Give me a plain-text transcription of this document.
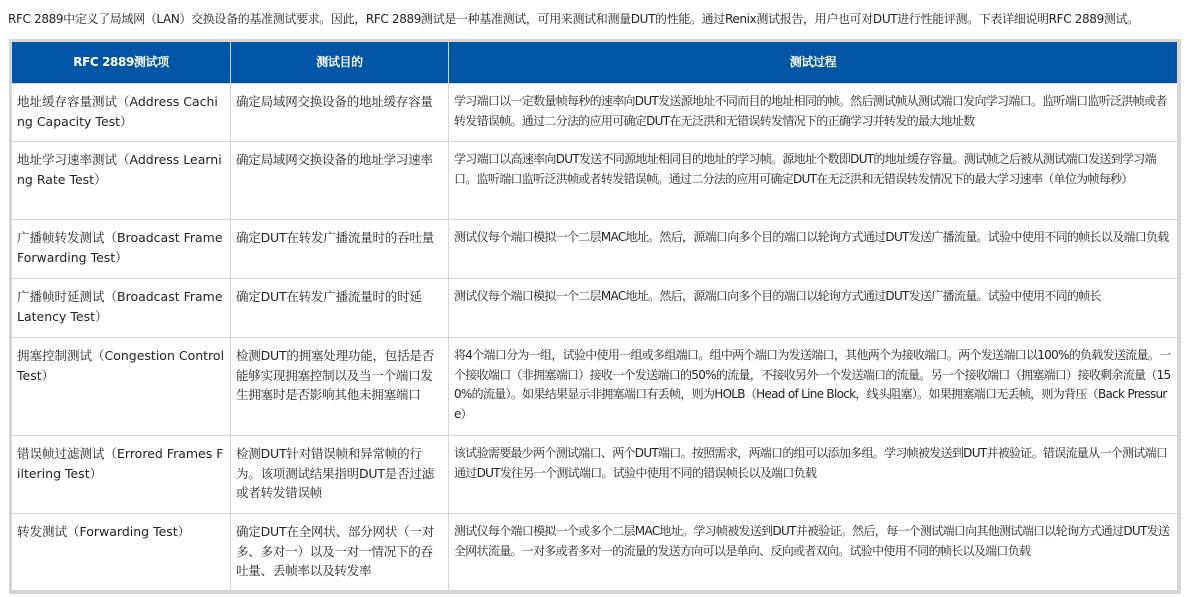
RFC 2889中定义了局域网（LAN）交换设备的基准测试要求。因此，RFC 2889测试是一种基准测试，可用来测试和测量DUT的性能。通过Renix测试报告，用户也可对DUT进行性能评测。下表详细说明RFC 2889测试。
RFC 2889测试项	测试目的	测试过程
地址缓存容量测试（Address Caching Capacity Test）	确定局域网交换设备的地址缓存容量	学习端口以一定数量帧每秒的速率向DUT发送源地址不同而目的地址相同的帧。然后测试帧从测试端口发向学习端口。监听端口监听泛洪帧或者转发错误帧。通过二分法的应用可确定DUT在无泛洪和无错误转发情况下的正确学习并转发的最大地址数
地址学习速率测试（Address Learning Rate Test）	确定局域网交换设备的地址学习速率	学习端口以高速率向DUT发送不同源地址相同目的地址的学习帧。源地址个数即DUT的地址缓存容量。测试帧之后被从测试端口发送到学习端口。监听端口监听泛洪帧或者转发错误帧。通过二分法的应用可确定DUT在无泛洪和无错误转发情况下的最大学习速率（单位为帧每秒）
广播帧转发测试（Broadcast Frame Forwarding Test）	确定DUT在转发广播流量时的吞吐量	测试仪每个端口模拟一个二层MAC地址。然后，源端口向多个目的端口以轮询方式通过DUT发送广播流量。试验中使用不同的帧长以及端口负载
广播帧时延测试（Broadcast Frame Latency Test）	确定DUT在转发广播流量时的时延	测试仪每个端口模拟一个二层MAC地址。然后，源端口向多个目的端口以轮询方式通过DUT发送广播流量。试验中使用不同的帧长
拥塞控制测试（Congestion Control Test）	检测DUT的拥塞处理功能，包括是否能够实现拥塞控制以及当一个端口发生拥塞时是否影响其他未拥塞端口	将4个端口分为一组，试验中使用一组或多组端口。组中两个端口为发送端口，其他两个为接收端口。两个发送端口以100%的负载发送流量。一个接收端口（非拥塞端口）接收一个发送端口的50%的流量，不接收另外一个发送端口的流量。另一个接收端口（拥塞端口）接收剩余流量（150%的流量）。如果结果显示非拥塞端口有丢帧，则为HOLB（Head of Line Block，线头阻塞）。如果拥塞端口无丢帧，则为背压（Back Pressure）
错误帧过滤测试（Errored Frames Filtering Test）	检测DUT针对错误帧和异常帧的行为。该项测试结果指明DUT是否过滤或者转发错误帧	该试验需要最少两个测试端口、两个DUT端口。按照需求，两端口的组可以添加多组。学习帧被发送到DUT并被验证。错误流量从一个测试端口通过DUT发往另一个测试端口。试验中使用不同的错误帧长以及端口负载
转发测试（Forwarding Test）	确定DUT在全网状、部分网状（一对多、多对一）以及一对一情况下的吞吐量、丢帧率以及转发率	测试仪每个端口模拟一个或多个二层MAC地址。学习帧被发送到DUT并被验证。然后，每一个测试端口向其他测试端口以轮询方式通过DUT发送全网状流量。一对多或者多对一的流量的发送方向可以是单向、反向或者双向。试验中使用不同的帧长以及端口负载
